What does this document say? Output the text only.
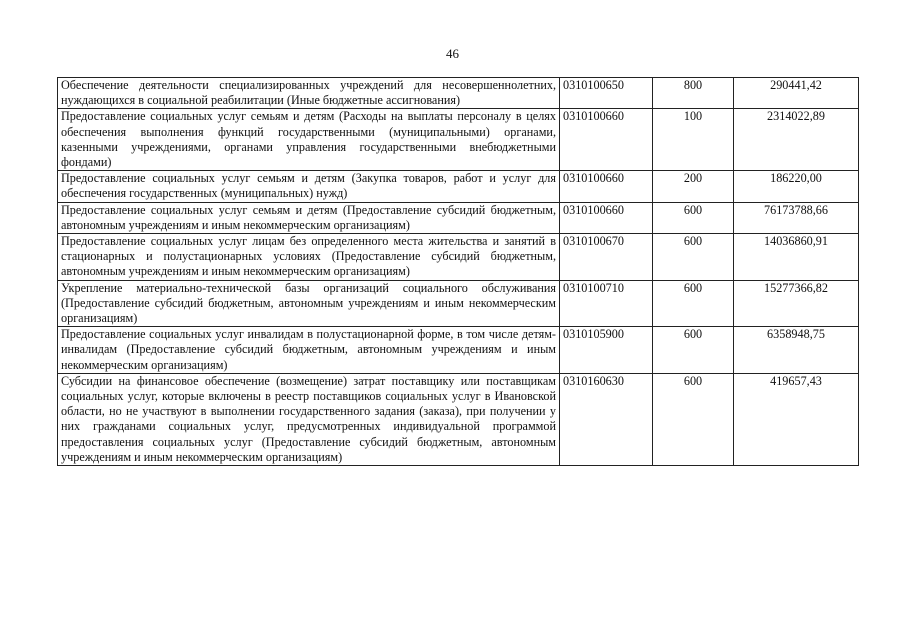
46
Обеспечение деятельности специализированных учреждений для несовершеннолетних, нуждающихся в социальной реабилитации (Иные бюджетные ассигнования)	0310100650	800	290441,42
Предоставление социальных услуг семьям и детям (Расходы на выплаты персоналу в целях обеспечения выполнения функций государственными (муниципальными) органами, казенными учреждениями, органами управления государственными внебюджетными фондами)	0310100660	100	2314022,89
Предоставление социальных услуг семьям и детям (Закупка товаров, работ и услуг для обеспечения государственных (муниципальных) нужд)	0310100660	200	186220,00
Предоставление социальных услуг семьям и детям (Предоставление субсидий бюджетным, автономным учреждениям и иным некоммерческим организациям)	0310100660	600	76173788,66
Предоставление социальных услуг лицам без определенного места жительства и занятий в стационарных и полустационарных условиях (Предоставление субсидий бюджетным, автономным учреждениям и иным некоммерческим организациям)	0310100670	600	14036860,91
Укрепление материально-технической базы организаций социального обслуживания (Предоставление субсидий бюджетным, автономным учреждениям и иным некоммерческим организациям)	0310100710	600	15277366,82
Предоставление социальных услуг инвалидам в полустационарной форме, в том числе детям-инвалидам (Предоставление субсидий бюджетным, автономным учреждениям и иным некоммерческим организациям)	0310105900	600	6358948,75
Субсидии на финансовое обеспечение (возмещение) затрат поставщику или поставщикам социальных услуг, которые включены в реестр поставщиков социальных услуг в Ивановской области, но не участвуют в выполнении государственного задания (заказа), при получении у них гражданами социальных услуг, предусмотренных индивидуальной программой предоставления социальных услуг (Предоставление субсидий бюджетным, автономным учреждениям и иным некоммерческим организациям)	0310160630	600	419657,43
